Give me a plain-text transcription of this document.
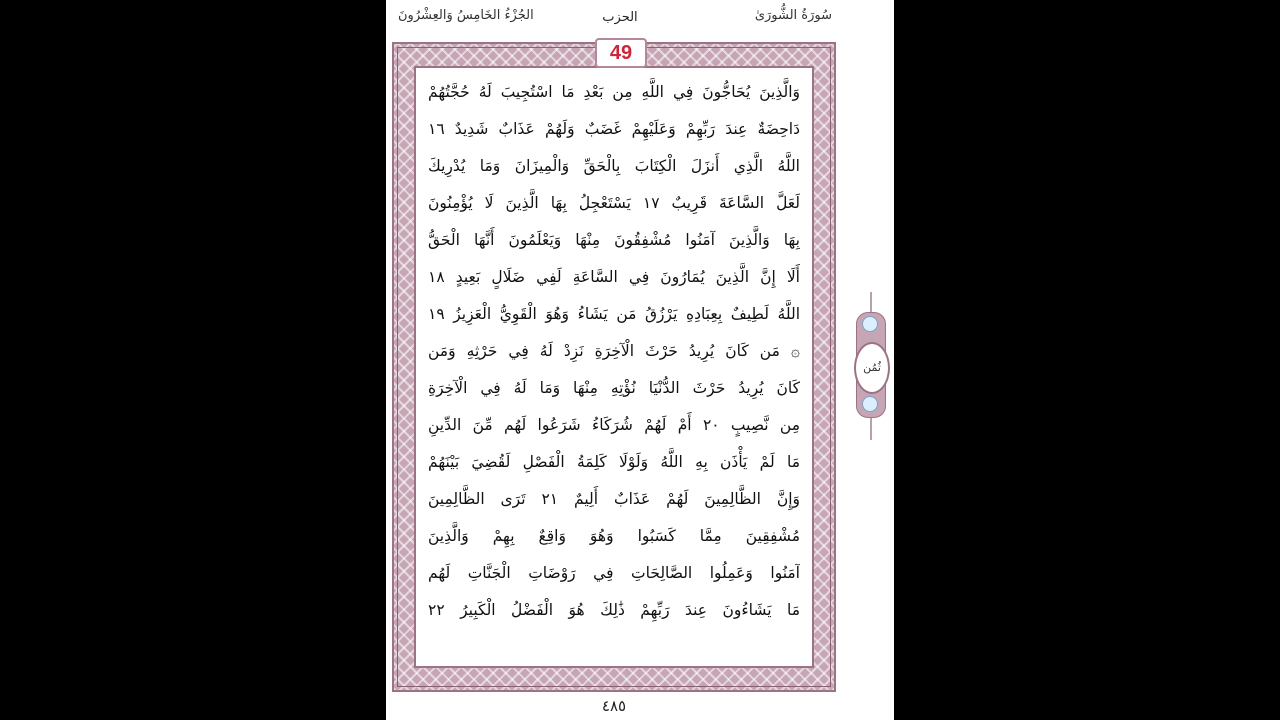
الجُزْءُ الخَامِسُ وَالعِشْرُونَ	الحزب	سُورَةُ الشُّورَىٰ
49
وَالَّذِينَ يُحَاجُّونَ فِي اللَّهِ مِن بَعْدِ مَا اسْتُجِيبَ لَهُ حُجَّتُهُمْ
دَاحِضَةٌ عِندَ رَبِّهِمْ وَعَلَيْهِمْ غَضَبٌ وَلَهُمْ عَذَابٌ شَدِيدٌ ١٦
اللَّهُ الَّذِي أَنزَلَ الْكِتَابَ بِالْحَقِّ وَالْمِيزَانَ وَمَا يُدْرِيكَ
لَعَلَّ السَّاعَةَ قَرِيبٌ ١٧ يَسْتَعْجِلُ بِهَا الَّذِينَ لَا يُؤْمِنُونَ
بِهَا وَالَّذِينَ آمَنُوا مُشْفِقُونَ مِنْهَا وَيَعْلَمُونَ أَنَّهَا الْحَقُّ
أَلَا إِنَّ الَّذِينَ يُمَارُونَ فِي السَّاعَةِ لَفِي ضَلَالٍ بَعِيدٍ ١٨
اللَّهُ لَطِيفٌ بِعِبَادِهِ يَرْزُقُ مَن يَشَاءُ وَهُوَ الْقَوِيُّ الْعَزِيزُ ١٩
۞ مَن كَانَ يُرِيدُ حَرْثَ الْآخِرَةِ نَزِدْ لَهُ فِي حَرْثِهِ وَمَن
كَانَ يُرِيدُ حَرْثَ الدُّنْيَا نُؤْتِهِ مِنْهَا وَمَا لَهُ فِي الْآخِرَةِ
مِن نَّصِيبٍ ٢٠ أَمْ لَهُمْ شُرَكَاءُ شَرَعُوا لَهُم مِّنَ الدِّينِ
مَا لَمْ يَأْذَن بِهِ اللَّهُ وَلَوْلَا كَلِمَةُ الْفَصْلِ لَقُضِيَ بَيْنَهُمْ
وَإِنَّ الظَّالِمِينَ لَهُمْ عَذَابٌ أَلِيمٌ ٢١ تَرَى الظَّالِمِينَ
مُشْفِقِينَ مِمَّا كَسَبُوا وَهُوَ وَاقِعٌ بِهِمْ وَالَّذِينَ
آمَنُوا وَعَمِلُوا الصَّالِحَاتِ فِي رَوْضَاتِ الْجَنَّاتِ لَهُم
مَا يَشَاءُونَ عِندَ رَبِّهِمْ ذَٰلِكَ هُوَ الْفَضْلُ الْكَبِيرُ ٢٢
٤٨٥
ثُمُن
